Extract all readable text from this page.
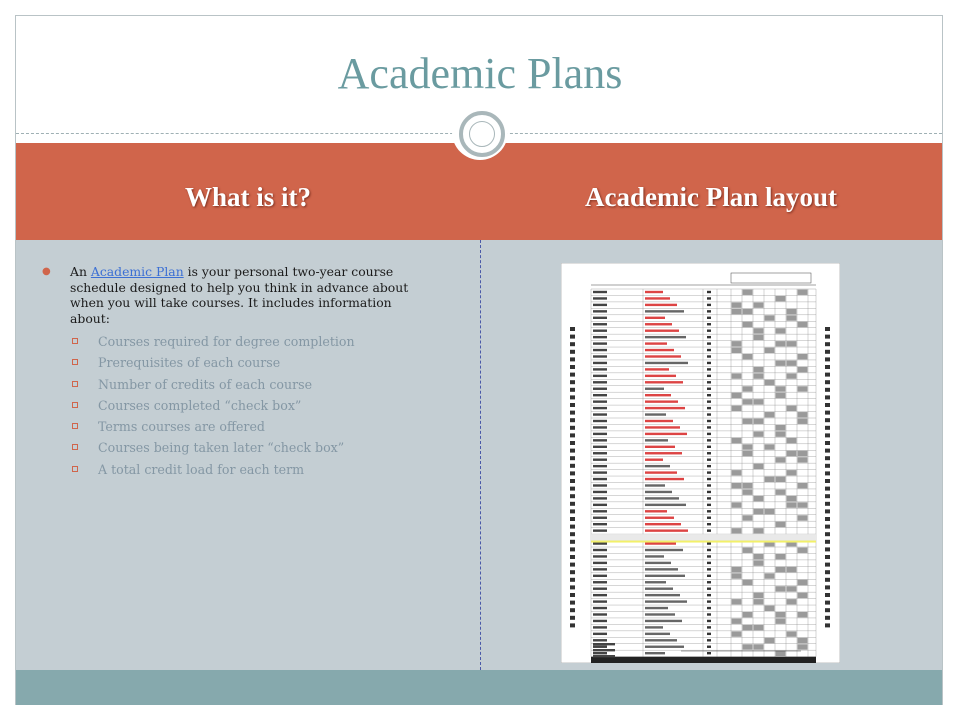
Academic Plans
What is it?	Academic Plan layout
● An Academic Plan is your personal two-year course schedule designed to help you think in advance about when you will take courses. It includes information about:
Courses required for degree completion
Prerequisites of each course
Number of credits of each course
Courses completed “check box”
Terms courses are offered
Courses being taken later “check box”
A total credit load for each term
